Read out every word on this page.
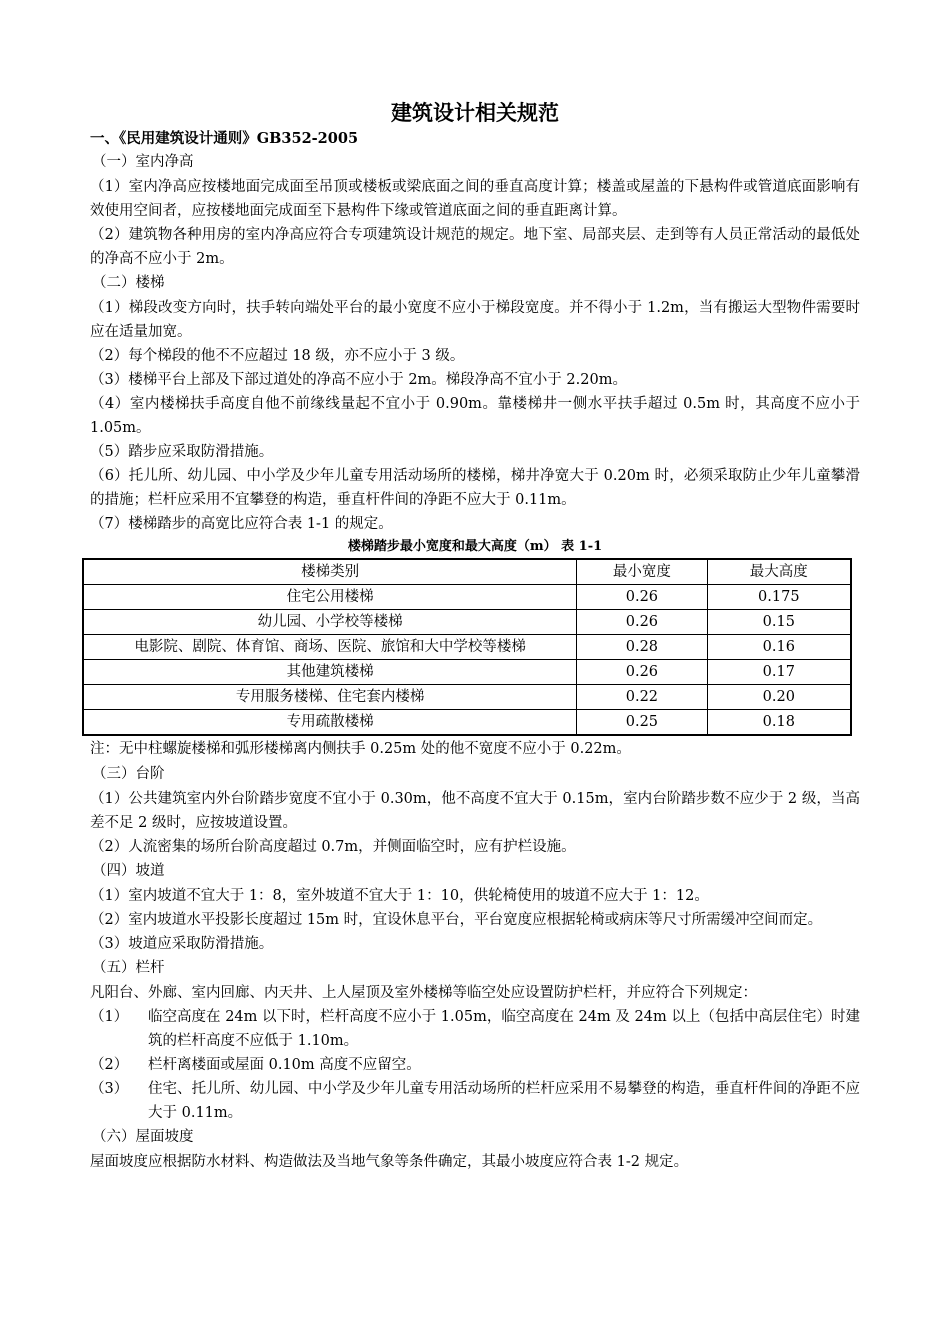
建筑设计相关规范
一、《民用建筑设计通则》GB352-2005
（一）室内净高

（1）室内净高应按楼地面完成面至吊顶或楼板或梁底面之间的垂直高度计算；楼盖或屋盖的下悬构件或管道底面影响有效使用空间者，应按楼地面完成面至下悬构件下缘或管道底面之间的垂直距离计算。

（2）建筑物各种用房的室内净高应符合专项建筑设计规范的规定。地下室、局部夹层、走到等有人员正常活动的最低处的净高不应小于 2m。

（二）楼梯

（1）梯段改变方向时，扶手转向端处平台的最小宽度不应小于梯段宽度。并不得小于 1.2m，当有搬运大型物件需要时应在适量加宽。

（2）每个梯段的他不不应超过 18 级，亦不应小于 3 级。

（3）楼梯平台上部及下部过道处的净高不应小于 2m。梯段净高不宜小于 2.20m。

（4）室内楼梯扶手高度自他不前缘线量起不宜小于 0.90m。靠楼梯井一侧水平扶手超过 0.5m 时，其高度不应小于 1.05m。

（5）踏步应采取防滑措施。

（6）托儿所、幼儿园、中小学及少年儿童专用活动场所的楼梯，梯井净宽大于 0.20m 时，必须采取防止少年儿童攀滑的措施；栏杆应采用不宜攀登的构造，垂直杆件间的净距不应大于 0.11m。

（7）楼梯踏步的高宽比应符合表 1-1 的规定。

楼梯踏步最小宽度和最大高度（m） 表 1-1
楼梯类别	最小宽度	最大高度
住宅公用楼梯	0.26	0.175
幼儿园、小学校等楼梯	0.26	0.15
电影院、剧院、体育馆、商场、医院、旅馆和大中学校等楼梯	0.28	0.16
其他建筑楼梯	0.26	0.17
专用服务楼梯、住宅套内楼梯	0.22	0.20
专用疏散楼梯	0.25	0.18
注：无中柱螺旋楼梯和弧形楼梯离内侧扶手 0.25m 处的他不宽度不应小于 0.22m。
（三）台阶

（1）公共建筑室内外台阶踏步宽度不宜小于 0.30m，他不高度不宜大于 0.15m，室内台阶踏步数不应少于 2 级，当高差不足 2 级时，应按坡道设置。

（2）人流密集的场所台阶高度超过 0.7m，并侧面临空时，应有护栏设施。

（四）坡道

（1）室内坡道不宜大于 1：8，室外坡道不宜大于 1：10，供轮椅使用的坡道不应大于 1：12。

（2）室内坡道水平投影长度超过 15m 时，宜设休息平台，平台宽度应根据轮椅或病床等尺寸所需缓冲空间而定。

（3）坡道应采取防滑措施。

（五）栏杆

凡阳台、外廊、室内回廊、内天井、上人屋顶及室外楼梯等临空处应设置防护栏杆，并应符合下列规定：

（1）	临空高度在 24m 以下时，栏杆高度不应小于 1.05m，临空高度在 24m 及 24m 以上（包括中高层住宅）时建筑的栏杆高度不应低于 1.10m。
（2）	栏杆离楼面或屋面 0.10m 高度不应留空。
（3）	住宅、托儿所、幼儿园、中小学及少年儿童专用活动场所的栏杆应采用不易攀登的构造，垂直杆件间的净距不应大于 0.11m。
（六）屋面坡度

屋面坡度应根据防水材料、构造做法及当地气象等条件确定，其最小坡度应符合表 1-2 规定。
